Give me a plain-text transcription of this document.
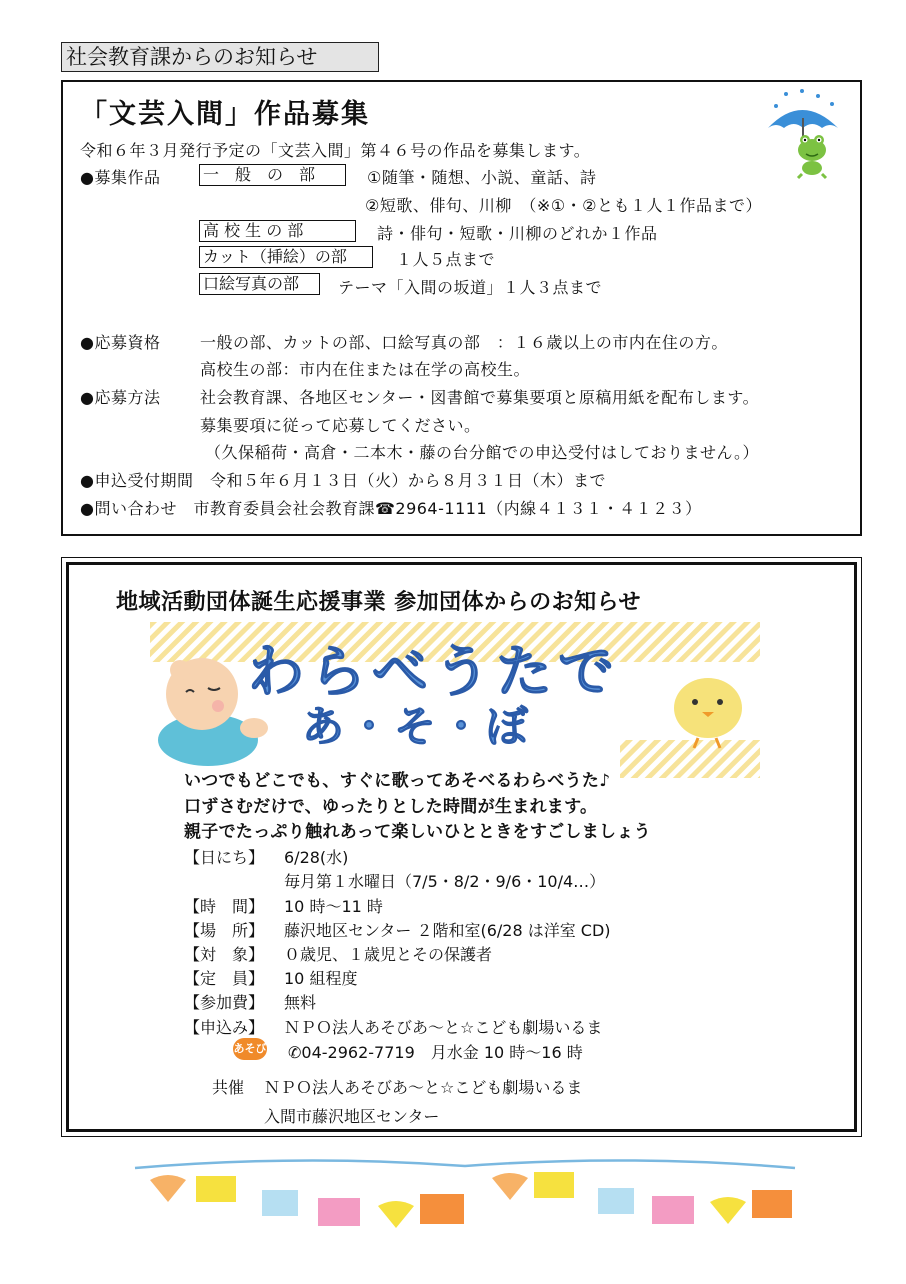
社会教育課からのお知らせ
「文芸入間」作品募集
令和６年３月発行予定の「文芸入間」第４６号の作品を募集します。
●募集作品	一　般　の　部	①随筆・随想、小説、童話、詩
②短歌、俳句、川柳　（※①・②とも１人１作品まで）
高 校 生 の 部	詩・俳句・短歌・川柳のどれか１作品
カット（挿絵）の部	１人５点まで
口絵写真の部	テーマ「入間の坂道」１人３点まで
●応募資格 一般の部、カットの部、口絵写真の部　：１６歳以上の市内在住の方。
高校生の部：市内在住または在学の高校生。
●応募方法 社会教育課、各地区センター・図書館で募集要項と原稿用紙を配布します。
募集要項に従って応募してください。
（久保稲荷・高倉・二本木・藤の台分館での申込受付はしておりません。）
●申込受付期間　令和５年６月１３日（火）から８月３１日（木）まで
●問い合わせ　市教育委員会社会教育課☎2964-1111（内線４１３１・４１２３）
地域活動団体誕生応援事業 参加団体からのお知らせ
わらべうたで
あ・そ・ぼ
いつでもどこでも、すぐに歌ってあそべるわらべうた♪
口ずさむだけで、ゆったりとした時間が生まれます。
親子でたっぷり触れあって楽しいひとときをすごしましょう
【日にち】 6/28(水)
毎月第１水曜日（7/5・8/2・9/6・10/4…）
【時　間】 10 時～11 時
【場　所】 藤沢地区センター ２階和室(6/28 は洋室 CD)
【対　象】 ０歳児、１歳児とその保護者
【定　員】 10 組程度
【参加費】 無料
【申込み】 ＮＰＯ法人あそびあ～と☆こども劇場いるま
あそび ✆04-2962-7719　月水金 10 時～16 時
共催 ＮＰＯ法人あそびあ～と☆こども劇場いるま
入間市藤沢地区センター
